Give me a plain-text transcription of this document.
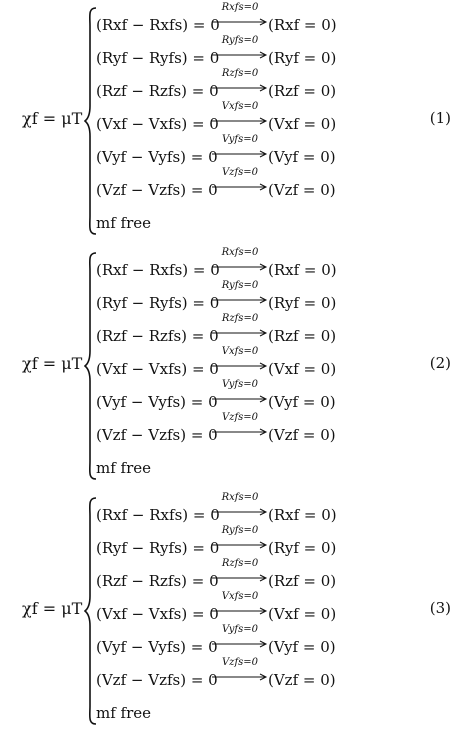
χf = μT
(Rxf − Rxfs) = 0
Rxfs=0
(Rxf = 0)
(Ryf − Ryfs) = 0
Ryfs=0
(Ryf = 0)
(Rzf − Rzfs) = 0
Rzfs=0
(Rzf = 0)
(Vxf − Vxfs) = 0
Vxfs=0
(Vxf = 0)
(Vyf − Vyfs) = 0
Vyfs=0
(Vyf = 0)
(Vzf − Vzfs) = 0
Vzfs=0
(Vzf = 0)
mf free
(1)
χf = μT
(Rxf − Rxfs) = 0
Rxfs=0
(Rxf = 0)
(Ryf − Ryfs) = 0
Ryfs=0
(Ryf = 0)
(Rzf − Rzfs) = 0
Rzfs=0
(Rzf = 0)
(Vxf − Vxfs) = 0
Vxfs=0
(Vxf = 0)
(Vyf − Vyfs) = 0
Vyfs=0
(Vyf = 0)
(Vzf − Vzfs) = 0
Vzfs=0
(Vzf = 0)
mf free
(2)
χf = μT
(Rxf − Rxfs) = 0
Rxfs=0
(Rxf = 0)
(Ryf − Ryfs) = 0
Ryfs=0
(Ryf = 0)
(Rzf − Rzfs) = 0
Rzfs=0
(Rzf = 0)
(Vxf − Vxfs) = 0
Vxfs=0
(Vxf = 0)
(Vyf − Vyfs) = 0
Vyfs=0
(Vyf = 0)
(Vzf − Vzfs) = 0
Vzfs=0
(Vzf = 0)
mf free
(3)
